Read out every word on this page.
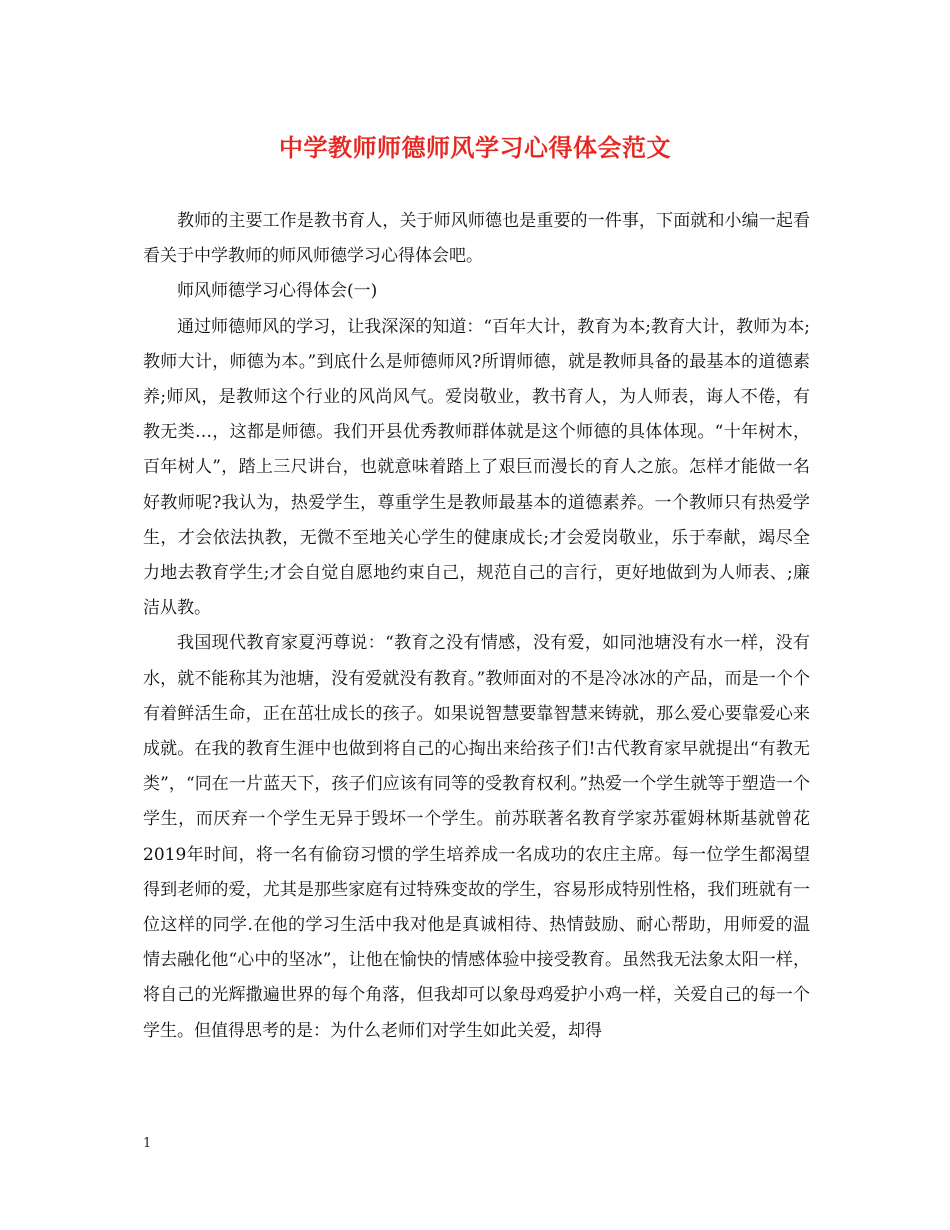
中学教师师德师风学习心得体会范文

教师的主要工作是教书育人，关于师风师德也是重要的一件事，下面就和小编一起看看关于中学教师的师风师德学习心得体会吧。

师风师德学习心得体会(一)

通过师德师风的学习，让我深深的知道：“百年大计，教育为本;教育大计，教师为本;教师大计，师德为本。”到底什么是师德师风?所谓师德，就是教师具备的最基本的道德素养;师风，是教师这个行业的风尚风气。爱岗敬业，教书育人，为人师表，诲人不倦，有教无类…，这都是师德。我们开县优秀教师群体就是这个师德的具体体现。“十年树木，百年树人”，踏上三尺讲台，也就意味着踏上了艰巨而漫长的育人之旅。怎样才能做一名好教师呢?我认为，热爱学生，尊重学生是教师最基本的道德素养。一个教师只有热爱学生，才会依法执教，无微不至地关心学生的健康成长;才会爱岗敬业，乐于奉献，竭尽全力地去教育学生;才会自觉自愿地约束自己，规范自己的言行，更好地做到为人师表、;廉洁从教。

我国现代教育家夏沔尊说：“教育之没有情感，没有爱，如同池塘没有水一样，没有水，就不能称其为池塘，没有爱就没有教育。”教师面对的不是冷冰冰的产品，而是一个个有着鲜活生命，正在茁壮成长的孩子。如果说智慧要靠智慧来铸就，那么爱心要靠爱心来成就。在我的教育生涯中也做到将自己的心掏出来给孩子们!古代教育家早就提出“有教无类”，“同在一片蓝天下，孩子们应该有同等的受教育权利。”热爱一个学生就等于塑造一个学生，而厌弃一个学生无异于毁坏一个学生。前苏联著名教育学家苏霍姆林斯基就曾花2019年时间，将一名有偷窃习惯的学生培养成一名成功的农庄主席。每一位学生都渴望得到老师的爱，尤其是那些家庭有过特殊变故的学生，容易形成特别性格，我们班就有一位这样的同学.在他的学习生活中我对他是真诚相待、热情鼓励、耐心帮助，用师爱的温情去融化他“心中的坚冰”，让他在愉快的情感体验中接受教育。虽然我无法象太阳一样，将自己的光辉撒遍世界的每个角落，但我却可以象母鸡爱护小鸡一样，关爱自己的每一个学生。但值得思考的是：为什么老师们对学生如此关爱，却得

1
